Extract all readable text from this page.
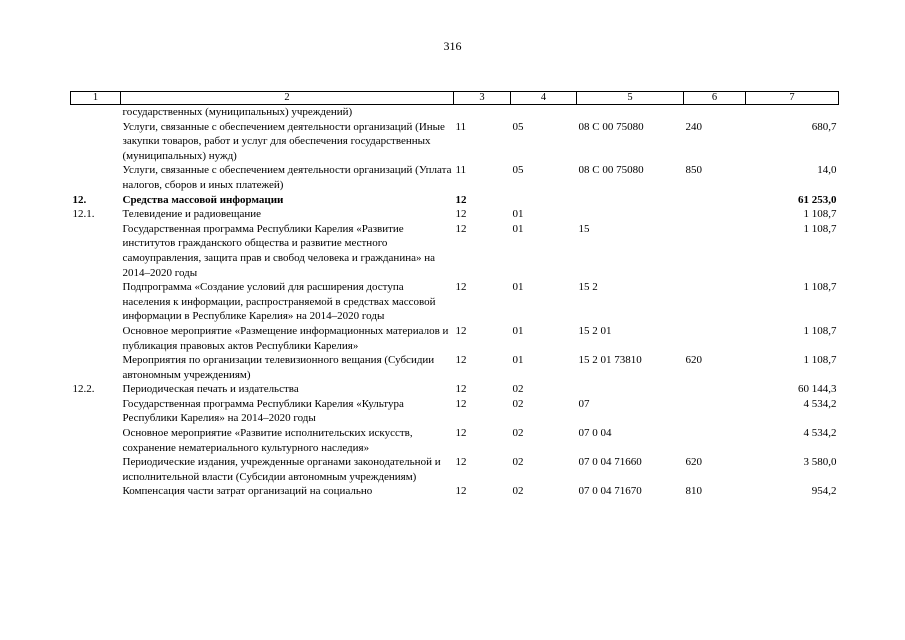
316
1	2	3	4	5	6	7
	государственных (муниципальных) учреждений)					
	Услуги, связанные с обеспечением деятельности организаций (Иные закупки товаров, работ и услуг для обеспечения государственных (муниципальных) нужд)	11	05	08 С 00 75080	240	680,7
	Услуги, связанные с обеспечением деятельности организаций (Уплата налогов, сборов и иных платежей)	11	05	08 С 00 75080	850	14,0
12.	Средства массовой информации	12				61 253,0
12.1.	Телевидение и радиовещание	12	01			1 108,7
	Государственная программа Республики Карелия «Развитие институтов гражданского общества и развитие местного самоуправления, защита прав и свобод человека и гражданина» на 2014–2020 годы	12	01	15		1 108,7
	Подпрограмма «Создание условий для расширения доступа населения к информации, распространяемой в средствах массовой информации в Республике Карелия» на 2014–2020 годы	12	01	15 2		1 108,7
	Основное мероприятие «Размещение информационных материалов и публикация правовых актов Республики Карелия»	12	01	15 2 01		1 108,7
	Мероприятия по организации телевизионного вещания (Субсидии автономным учреждениям)	12	01	15 2 01 73810	620	1 108,7
12.2.	Периодическая печать и издательства	12	02			60 144,3
	Государственная программа Республики Карелия «Культура Республики Карелия» на 2014–2020 годы	12	02	07		4 534,2
	Основное мероприятие «Развитие исполнительских искусств, сохранение нематериального культурного наследия»	12	02	07 0 04		4 534,2
	Периодические издания, учрежденные органами законодательной и исполнительной власти (Субсидии автономным учреждениям)	12	02	07 0 04 71660	620	3 580,0
	Компенсация части затрат организаций на социально	12	02	07 0 04 71670	810	954,2
